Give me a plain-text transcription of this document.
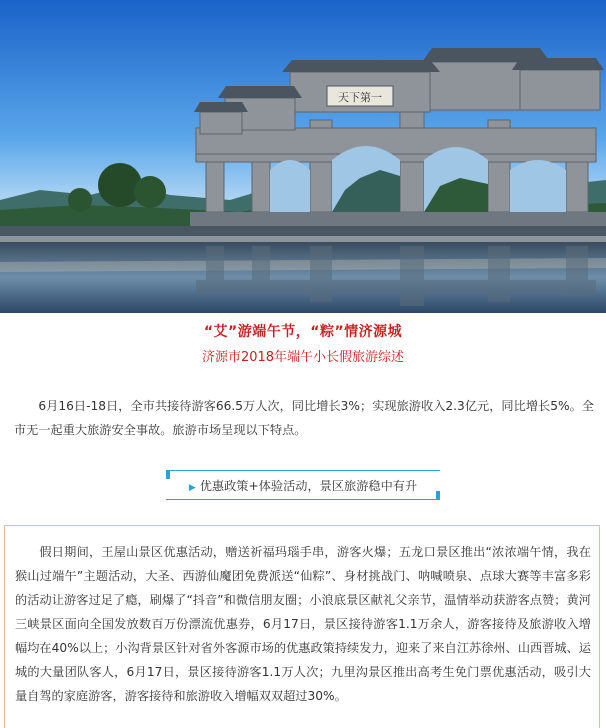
天下第一
“艾”游端午节，“粽”情济源城
济源市2018年端午小长假旅游综述
6月16日-18日，全市共接待游客66.5万人次，同比增长3%；实现旅游收入2.3亿元，同比增长5%。全市无一起重大旅游安全事故。旅游市场呈现以下特点。
▶ 优惠政策+体验活动，景区旅游稳中有升
假日期间，王屋山景区优惠活动，赠送祈福玛瑙手串，游客火爆；五龙口景区推出“浓浓端午情，我在猴山过端午”主题活动，大圣、西游仙魔团免费派送“仙粽”、身材挑战门、呐喊喷泉、点球大赛等丰富多彩的活动让游客过足了瘾，刷爆了“抖音”和微信朋友圈；小浪底景区献礼父亲节，温情举动获游客点赞；黄河三峡景区面向全国发放数百万份漂流优惠券，6月17日，景区接待游客1.1万余人，游客接待及旅游收入增幅均在40%以上；小沟背景区针对省外客源市场的优惠政策持续发力，迎来了来自江苏徐州、山西晋城、运城的大量团队客人，6月17日，景区接待游客1.1万人次；九里沟景区推出高考生免门票优惠活动，吸引大量自驾的家庭游客，游客接待和旅游收入增幅双双超过30%。
